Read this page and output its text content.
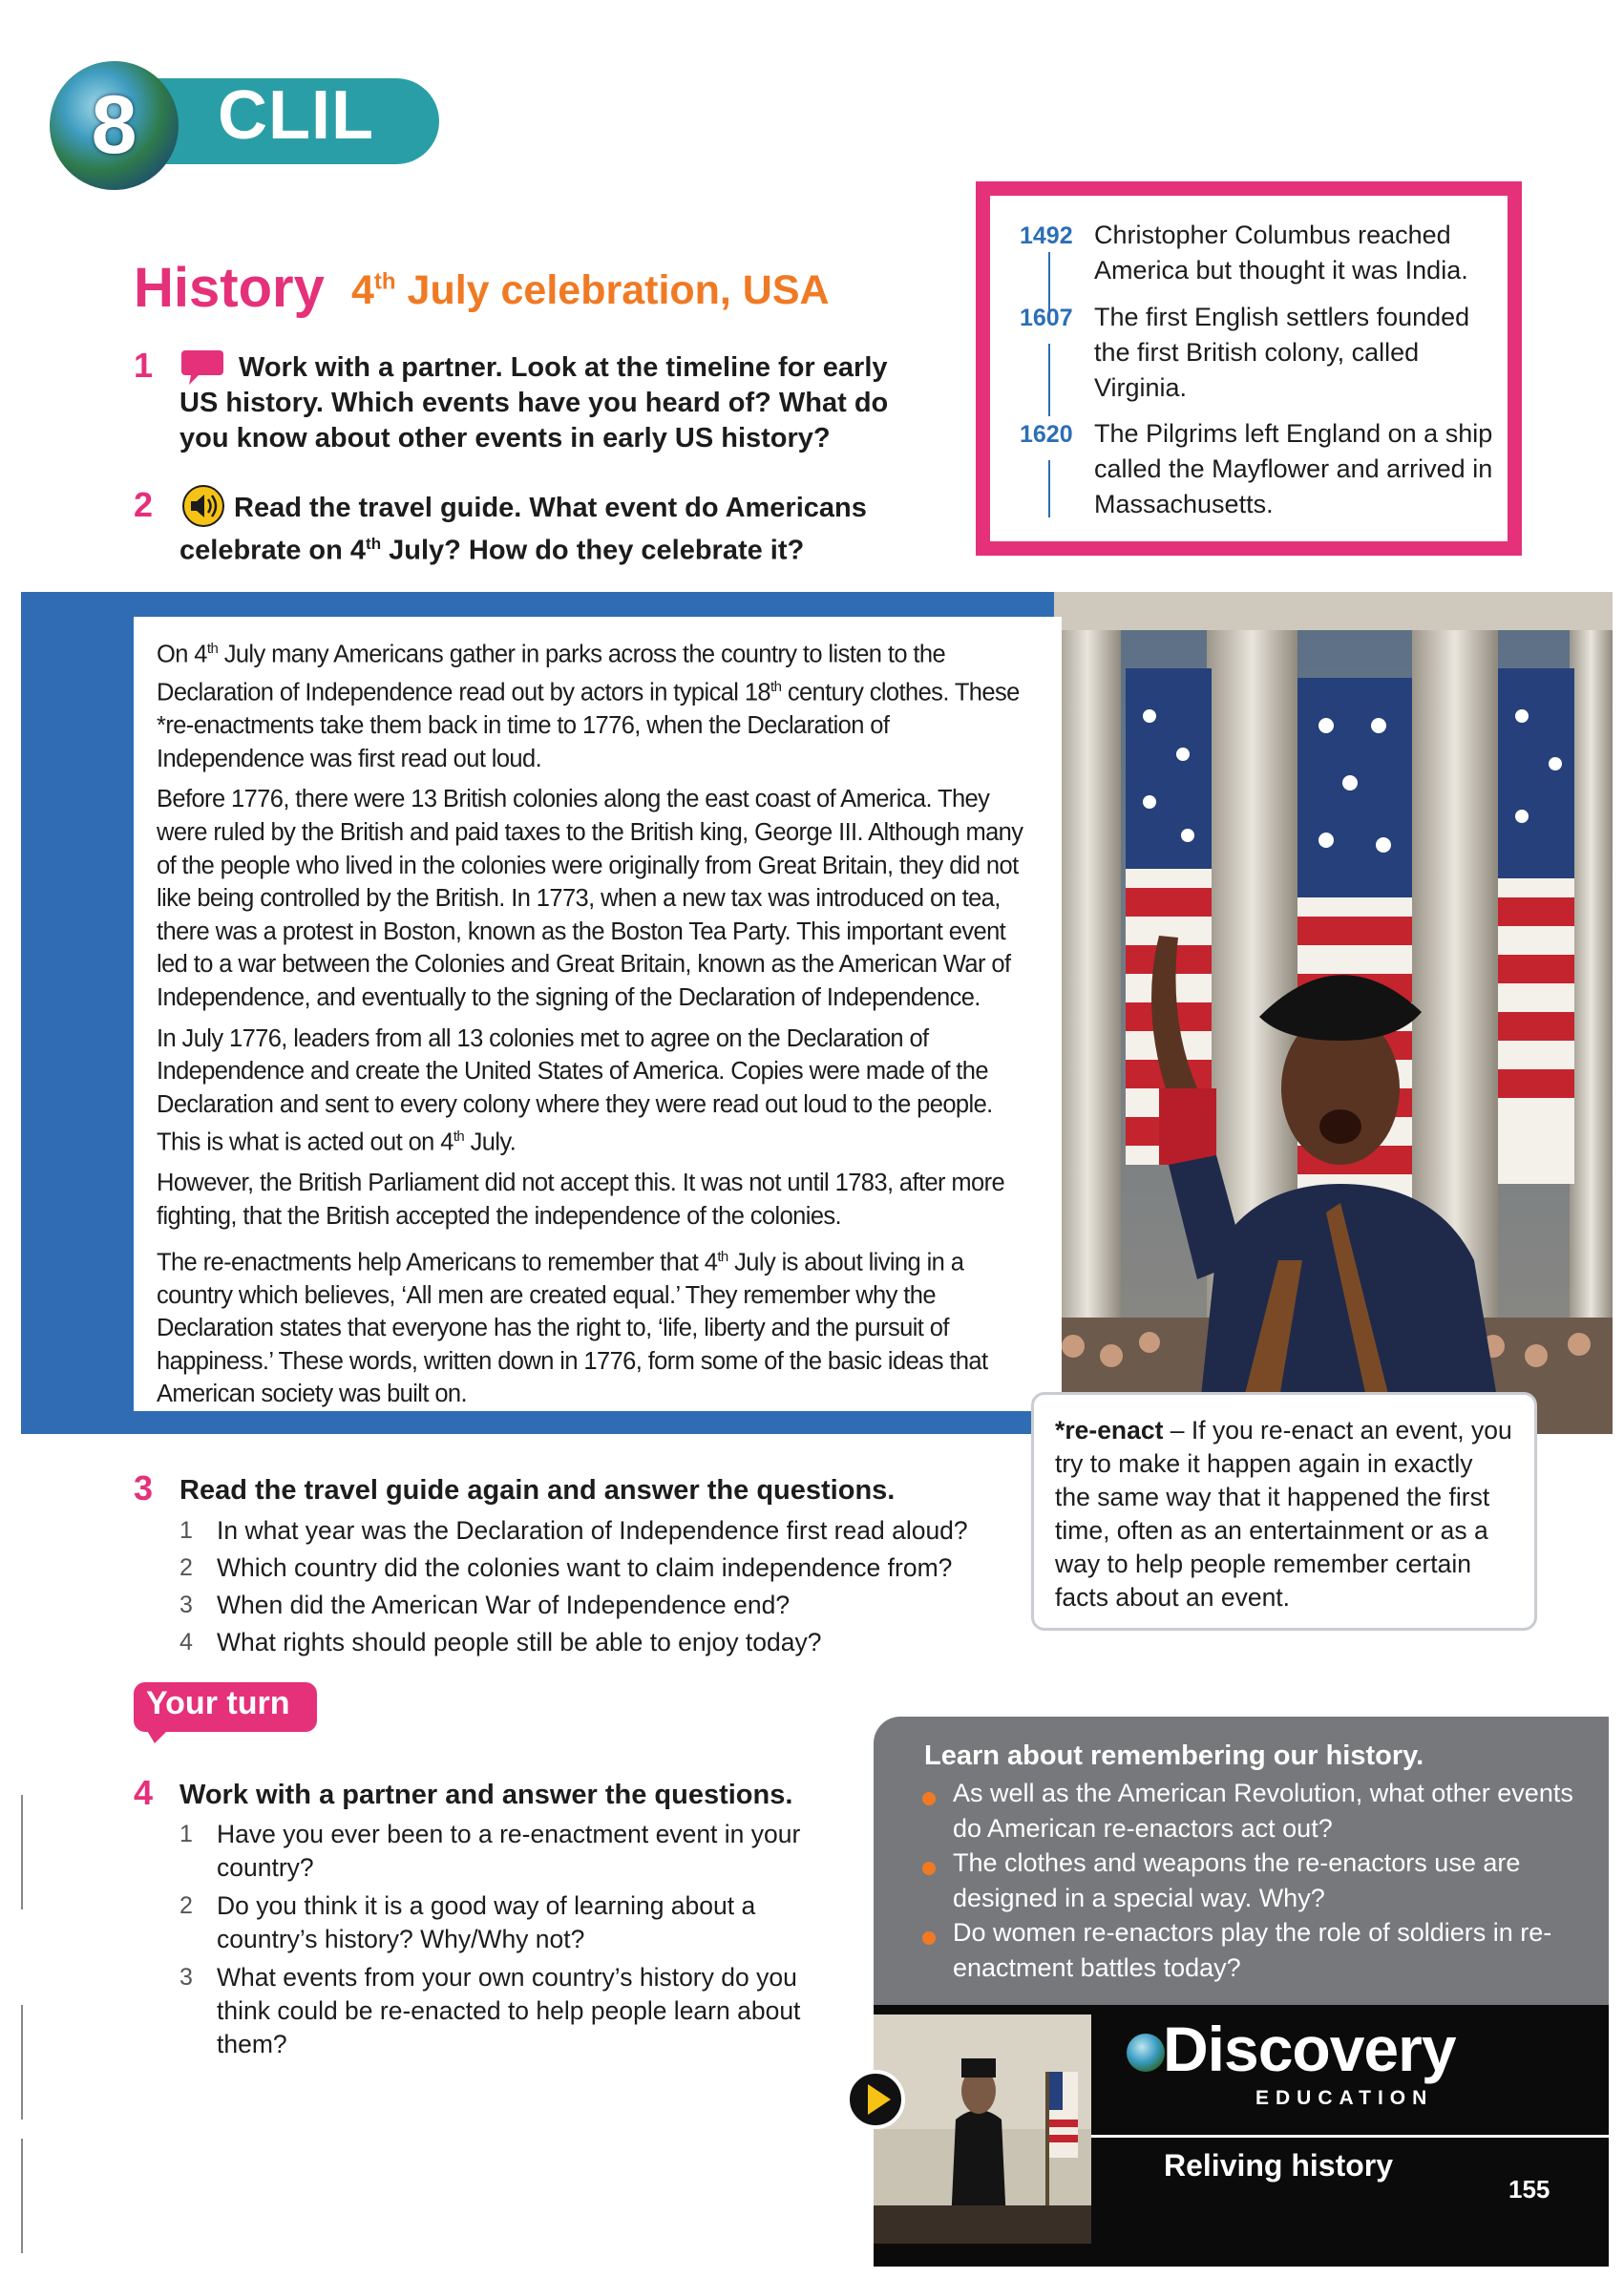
CLIL
8
History 4th July celebration, USA
1	Work with a partner. Look at the timeline for early US history. Which events have you heard of? What do you know about other events in early US history?
2	Read the travel guide. What event do Americans
celebrate on 4th July? How do they celebrate it?
1492 Christopher Columbus reached America but thought it was India.
1607 The first English settlers founded the first British colony, called Virginia.
1620 The Pilgrims left England on a ship called the Mayflower and arrived in Massachusetts.

On 4th July many Americans gather in parks across the country to listen to the Declaration of Independence read out by actors in typical 18th century clothes. These *re-enactments take them back in time to 1776, when the Declaration of Independence was first read out loud.

Before 1776, there were 13 British colonies along the east coast of America. They were ruled by the British and paid taxes to the British king, George III. Although many of the people who lived in the colonies were originally from Great Britain, they did not like being controlled by the British. In 1773, when a new tax was introduced on tea, there was a protest in Boston, known as the Boston Tea Party. This important event led to a war between the Colonies and Great Britain, known as the American War of Independence, and eventually to the signing of the Declaration of Independence.

In July 1776, leaders from all 13 colonies met to agree on the Declaration of Independence and create the United States of America. Copies were made of the Declaration and sent to every colony where they were read out loud to the people. This is what is acted out on 4th July.

However, the British Parliament did not accept this. It was not until 1783, after more fighting, that the British accepted the independence of the colonies.

The re-enactments help Americans to remember that 4th July is about living in a country which believes, ‘All men are created equal.’ They remember why the Declaration states that everyone has the right to, ‘life, liberty and the pursuit of happiness.’ These words, written down in 1776, form some of the basic ideas that American society was built on.

*re-enact – If you re-enact an event, you try to make it happen again in exactly the same way that it happened the first time, often as an entertainment or as a way to help people remember certain facts about an event.
3 Read the travel guide again and answer the questions.
1 In what year was the Declaration of Independence first read aloud?
2 Which country did the colonies want to claim independence from?
3 When did the American War of Independence end?
4 What rights should people still be able to enjoy today?
Your turn
4 Work with a partner and answer the questions.
1 Have you ever been to a re-enactment event in your country?
2 Do you think it is a good way of learning about a country’s history? Why/Why not?
3 What events from your own country’s history do you think could be re-enacted to help people learn about them?
Learn about remembering our history.
As well as the American Revolution, what other events do American re-enactors act out?
The clothes and weapons the re-enactors use are designed in a special way. Why?
Do women re-enactors play the role of soldiers in re-enactment battles today?
Discovery
EDUCATION
Reliving history
155
